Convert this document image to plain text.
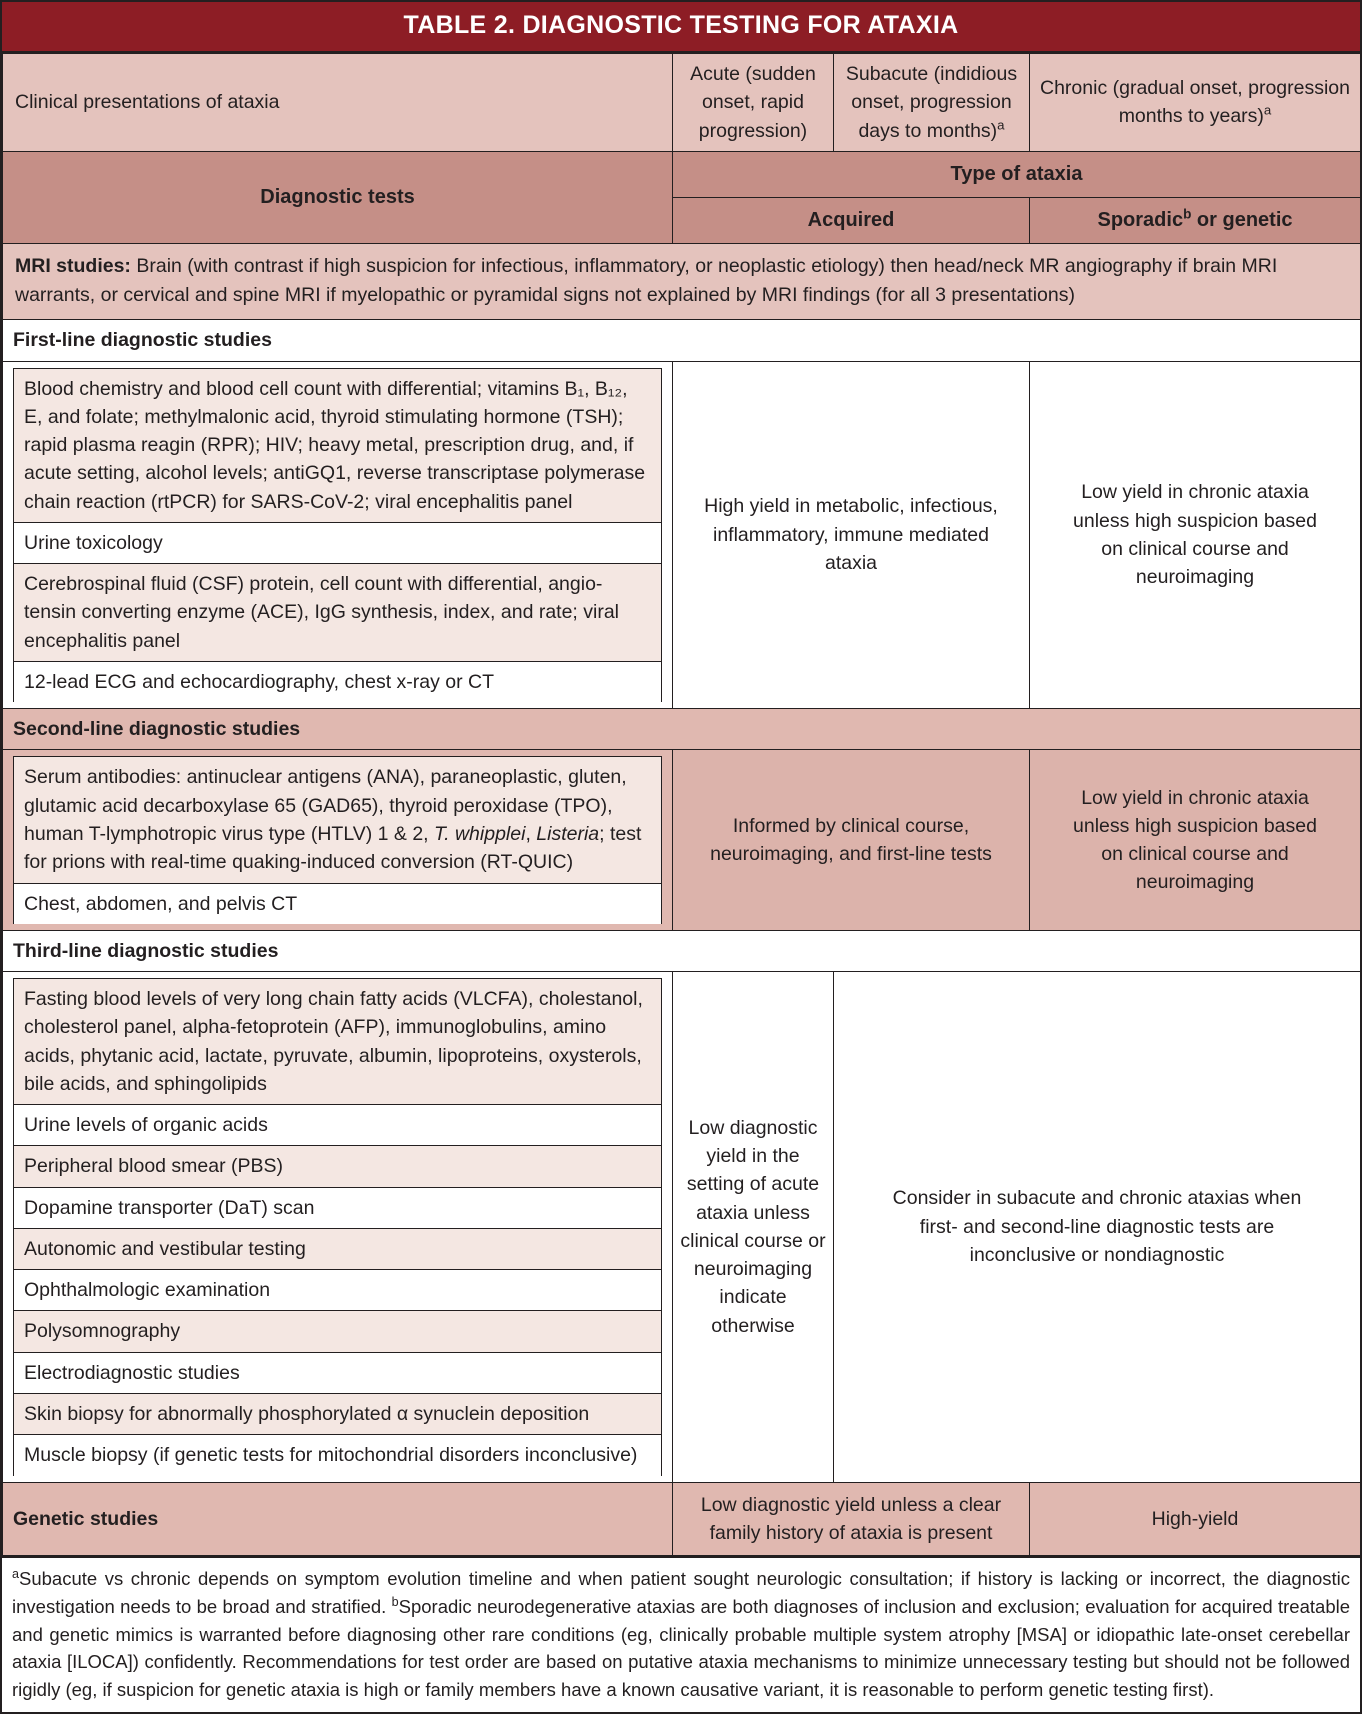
TABLE 2. DIAGNOSTIC TESTING FOR ATAXIA
Clinical presentations of ataxia	Acute (sudden onset, rapid progression)	Subacute (indidious onset, progression days to months)$^a$	Chronic (gradual onset, progression months to years)$^a$
Diagnostic tests	Type of ataxia
Acquired	Sporadic$^b$ or genetic
MRI studies: Brain (with contrast if high suspicion for infectious, inflammatory, or neoplastic etiology) then head/neck MR angiography if brain MRI warrants, or cervical and spine MRI if myelopathic or pyramidal signs not explained by MRI findings (for all 3 presentations)
First-line diagnostic studies

Blood chemistry and blood cell count with differential; vitamins B₁, B₁₂, E, and folate; methylmalonic acid, thyroid stimulating hormone (TSH); rapid plasma reagin (RPR); HIV; heavy metal, prescription drug, and, if acute setting, alcohol levels; antiGQ1, reverse transcriptase polymerase chain reaction (rtPCR) for SARS-CoV-2; viral encephalitis panel
Urine toxicology
Cerebrospinal fluid (CSF) protein, cell count with differential, angio-tensin converting enzyme (ACE), IgG synthesis, index, and rate; viral encephalitis panel
12-lead ECG and echocardiography, chest x-ray or CT
	High yield in metabolic, infectious, inflammatory, immune mediated ataxia	Low yield in chronic ataxia unless high suspicion based on clinical course and neuroimaging
Second-line diagnostic studies

Serum antibodies: antinuclear antigens (ANA), paraneoplastic, gluten, glutamic acid decarboxylase 65 (GAD65), thyroid peroxidase (TPO), human T-lymphotropic virus type (HTLV) 1 & 2, T. whipplei, Listeria; test for prions with real-time quaking-induced conversion (RT-QUIC)
Chest, abdomen, and pelvis CT
	Informed by clinical course, neuroimaging, and first-line tests	Low yield in chronic ataxia unless high suspicion based on clinical course and neuroimaging
Third-line diagnostic studies

Fasting blood levels of very long chain fatty acids (VLCFA), cholestanol, cholesterol panel, alpha-fetoprotein (AFP), immunoglobulins, amino acids, phytanic acid, lactate, pyruvate, albumin, lipoproteins, oxysterols, bile acids, and sphingolipids
Urine levels of organic acids
Peripheral blood smear (PBS)
Dopamine transporter (DaT) scan
Autonomic and vestibular testing
Ophthalmologic examination
Polysomnography
Electrodiagnostic studies
Skin biopsy for abnormally phosphorylated α synuclein deposition
Muscle biopsy (if genetic tests for mitochondrial disorders inconclusive)
	Low diagnostic yield in the setting of acute ataxia unless clinical course or neuroimaging indicate otherwise	Consider in subacute and chronic ataxias when first- and second-line diagnostic tests are inconclusive or nondiagnostic
Genetic studies	Low diagnostic yield unless a clear family history of ataxia is present	High-yield
$^a$Subacute vs chronic depends on symptom evolution timeline and when patient sought neurologic consultation; if history is lacking or incorrect, the diagnostic investigation needs to be broad and stratified. $^b$Sporadic neurodegenerative ataxias are both diagnoses of inclusion and exclusion; evaluation for acquired treatable and genetic mimics is warranted before diagnosing other rare conditions (eg, clinically probable multiple system atrophy [MSA] or idiopathic late-onset cerebellar ataxia [ILOCA]) confidently. Recommendations for test order are based on putative ataxia mechanisms to minimize unnecessary testing but should not be followed rigidly (eg, if suspicion for genetic ataxia is high or family members have a known causative variant, it is reasonable to perform genetic testing first).
